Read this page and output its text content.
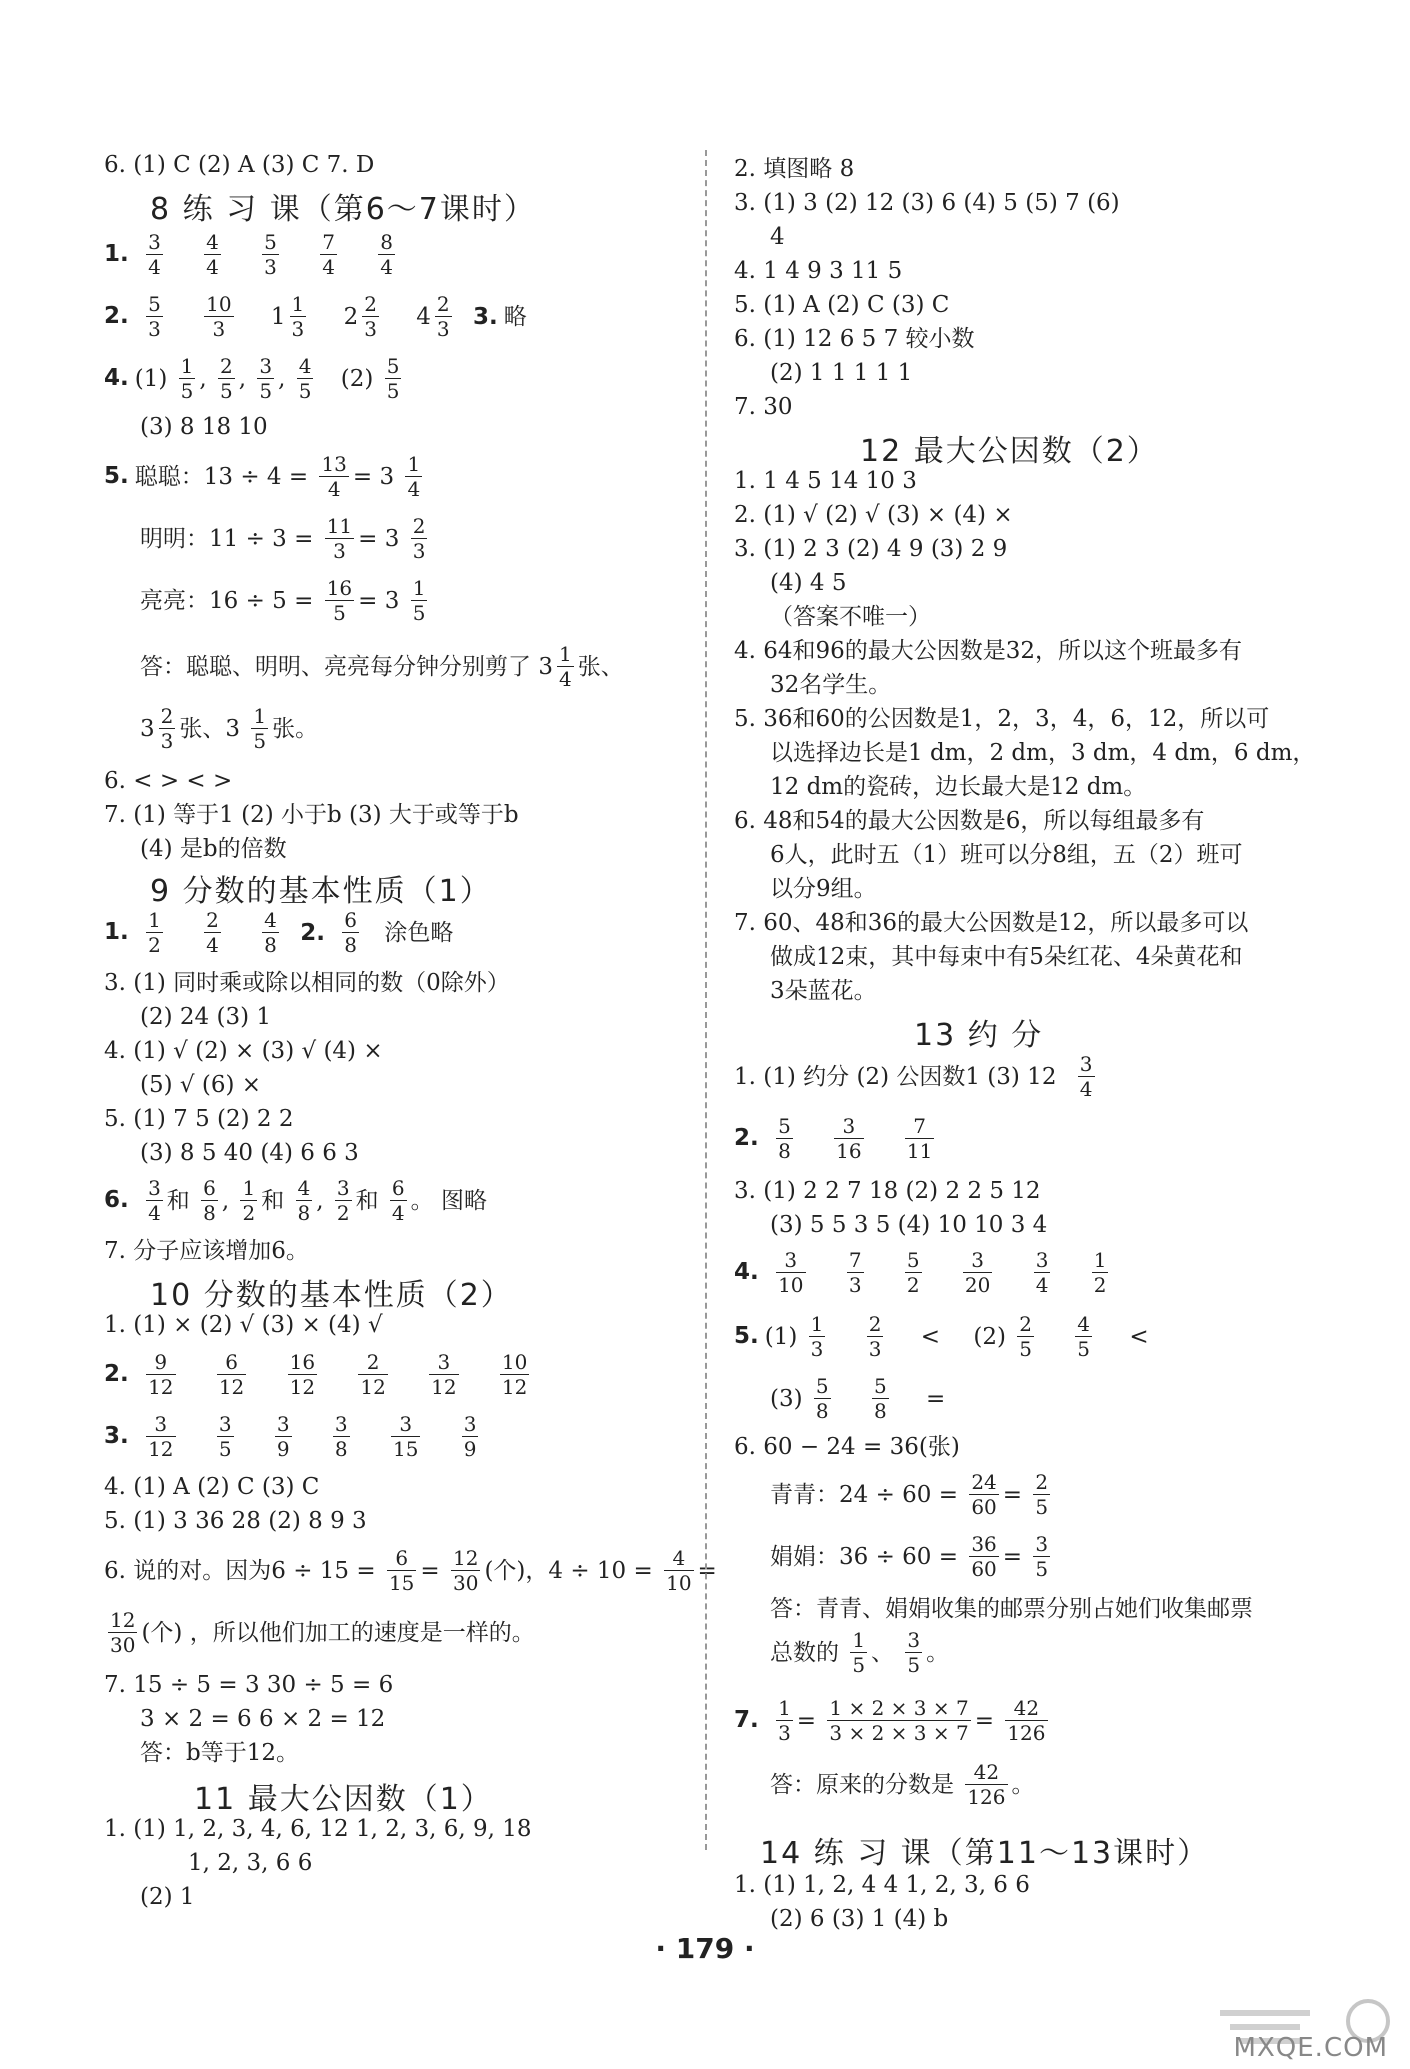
6. (1) C (2) A (3) C 7. D
8 练 习 课（第6～7课时）
1. $\frac{3}{4}$
$\frac{4}{4}$
$\frac{5}{3}$
$\frac{7}{4}$
$\frac{8}{4}$
2. $\frac{5}{3}$
$\frac{10}{3} 1 \frac{1}{3} 2 \frac{2}{3} 4 \frac{2}{3} 3$. 略
4. $(1) \frac{1}{5}$ , $\frac{2}{5}$ , $\frac{3}{5}$ , $\frac{4}{5} (2) \frac{5}{5}$
(3) 8 18 10
5. 聪聪：$13 \div 4 = \frac{13}{4} = 3 \frac{1}{4}$
明明：$11 \div 3 = \frac{11}{3} = 3 \frac{2}{3}$
亮亮：$16 \div 5 = \frac{16}{5} = 3 \frac{1}{5}$
答：聪聪、明明、亮亮每分钟分别剪了 $3 \frac{1}{4}$ 张、
$3 \frac{2}{3}$ 张、$3 \frac{1}{5}$ 张。
6. < > < >
7. (1) 等于1 (2) 小于b (3) 大于或等于b
(4) 是b的倍数
9 分数的基本性质（1）
1. $\frac{1}{2}$
$\frac{2}{4}$
$\frac{4}{8} 2$. $\frac{6}{8}$ 涂色略
3. (1) 同时乘或除以相同的数（0除外）
(2) 24 (3) 1
4. (1) √ (2) × (3) √ (4) ×
(5) √ (6) ×
5. (1) 7 5 (2) 2 2
(3) 8 5 40 (4) 6 6 3
6. $\frac{3}{4}$ 和 $\frac{6}{8}$ , $\frac{1}{2}$ 和 $\frac{4}{8}$ , $\frac{3}{2}$ 和 $\frac{6}{4}$ 。 图略
7. 分子应该增加6。
10 分数的基本性质（2）
1. (1) × (2) √ (3) × (4) √
2. $\frac{9}{12}$
$\frac{6}{12}$
$\frac{16}{12}$
$\frac{2}{12}$
$\frac{3}{12}$
$\frac{10}{12}$
3. $\frac{3}{12}$
$\frac{3}{5}$
$\frac{3}{9}$
$\frac{3}{8}$
$\frac{3}{15}$
$\frac{3}{9}$
4. (1) A (2) C (3) C
5. (1) 3 36 28 (2) 8 9 3
6. 说的对。因为$6 \div 15 = \frac{6}{15} = \frac{12}{30}$ (个)，$4 \div 10 = \frac{4}{10}$ =
$\frac{12}{30}$ (个) ，所以他们加工的速度是一样的。
7. 15 ÷ 5 = 3 30 ÷ 5 = 6
3 × 2 = 6 6 × 2 = 12
答：b等于12。
11 最大公因数（1）
1. (1) 1, 2, 3, 4, 6, 12 1, 2, 3, 6, 9, 18
1, 2, 3, 6 6
(2) 1
2. 填图略 8
3. (1) 3 (2) 12 (3) 6 (4) 5 (5) 7 (6)
4
4. 1 4 9 3 11 5
5. (1) A (2) C (3) C
6. (1) 12 6 5 7 较小数
(2) 1 1 1 1 1
7. 30
12 最大公因数（2）
1. 1 4 5 14 10 3
2. (1) √ (2) √ (3) × (4) ×
3. (1) 2 3 (2) 4 9 (3) 2 9
(4) 4 5
（答案不唯一）
4. 64和96的最大公因数是32，所以这个班最多有
32名学生。
5. 36和60的公因数是1，2，3，4，6，12，所以可
以选择边长是1 dm，2 dm，3 dm，4 dm，6 dm，
12 dm的瓷砖，边长最大是12 dm。
6. 48和54的最大公因数是6，所以每组最多有
6人，此时五（1）班可以分8组，五（2）班可
以分9组。
7. 60、48和36的最大公因数是12，所以最多可以
做成12束，其中每束中有5朵红花、4朵黄花和
3朵蓝花。
13 约 分
1. (1) 约分 (2) 公因数1 (3) $12 \frac{3}{4}$
2. $\frac{5}{8}$
$\frac{3}{16}$
$\frac{7}{11}$
3. (1) 2 2 7 18 (2) 2 2 5 12
(3) 5 5 3 5 (4) 10 10 3 4
4. $\frac{3}{10}$
$\frac{7}{3}$
$\frac{5}{2}$
$\frac{3}{20}$
$\frac{3}{4}$
$\frac{1}{2}$
5. $(1) \frac{1}{3}$
$\frac{2}{3} < (2) \frac{2}{5}$
$\frac{4}{5}$ <
$(3) \frac{5}{8}$
$\frac{5}{8}$ =
6. 60 − 24 = 36(张)
青青：$24 \div 60 = \frac{24}{60} = \frac{2}{5}$
娟娟：$36 \div 60 = \frac{36}{60} = \frac{3}{5}$
答：青青、娟娟收集的邮票分别占她们收集邮票
总数的 $\frac{1}{5}$ 、 $\frac{3}{5}$ 。
7. $\frac{1}{3} = \frac{1 \times 2 \times 3 \times 7}{3 \times 2 \times 3 \times 7} = \frac{42}{126}$
答：原来的分数是 $\frac{42}{126}$ 。
14 练 习 课（第11～13课时）
1. (1) 1, 2, 4 4 1, 2, 3, 6 6
(2) 6 (3) 1 (4) b
· 179 ·
MXQE.COM
